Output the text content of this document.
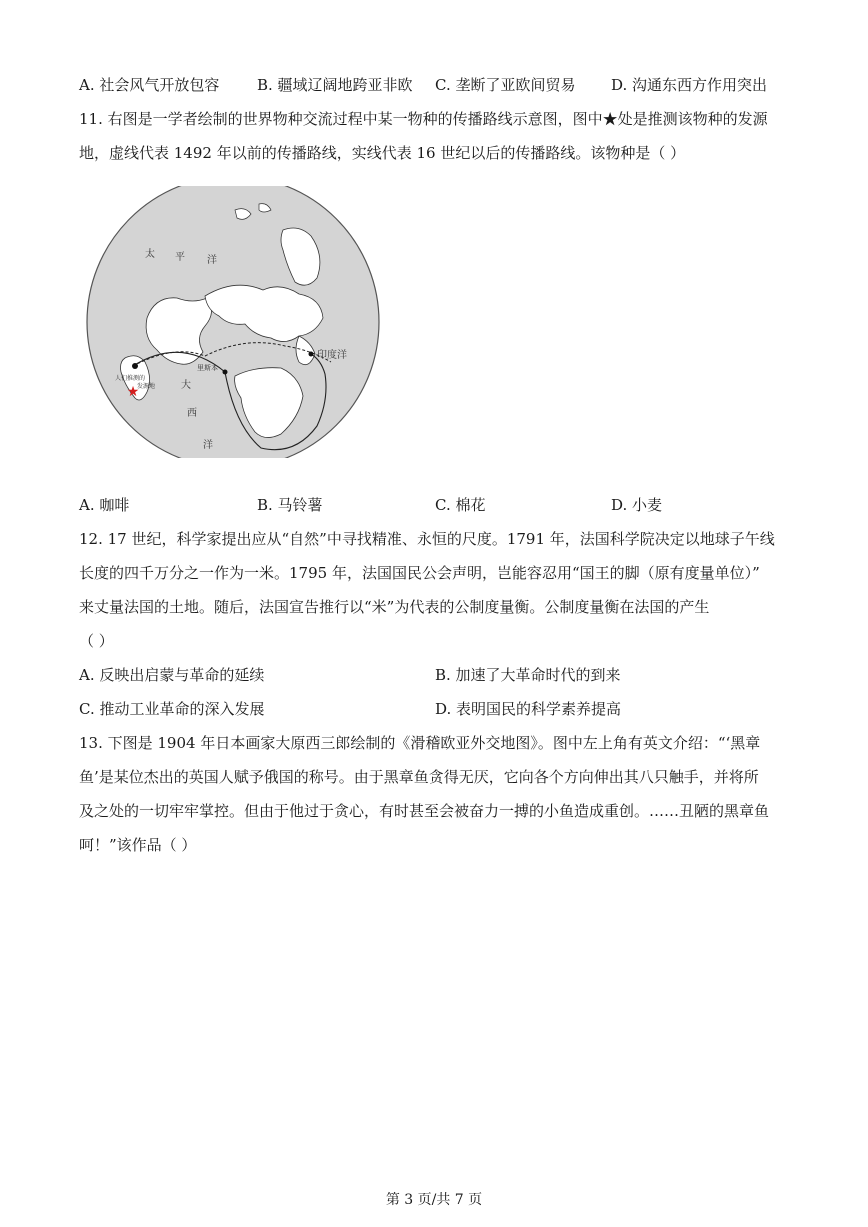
A. 社会风气开放包容	B. 疆域辽阔地跨亚非欧 C. 垄断了亚欧间贸易 D. 沟通东西方作用突出
11. 右图是一学者绘制的世界物种交流过程中某一物种的传播路线示意图，图中★处是推测该物种的发源
地，虚线代表 1492 年以前的传播路线，实线代表 16 世纪以后的传播路线。该物种是（ ）
★
太 平 洋
印度洋
大
西
洋
里斯本
人们推测的
发源地
A. 咖啡	B. 马铃薯	C. 棉花	D. 小麦
12. 17 世纪，科学家提出应从“自然”中寻找精准、永恒的尺度。1791 年，法国科学院决定以地球子午线
长度的四千万分之一作为一米。1795 年，法国国民公会声明，岂能容忍用“国王的脚（原有度量单位）”
来丈量法国的土地。随后，法国宣告推行以“米”为代表的公制度量衡。公制度量衡在法国的产生
（ ）
A. 反映出启蒙与革命的延续	B. 加速了大革命时代的到来
C. 推动工业革命的深入发展	D. 表明国民的科学素养提高
13. 下图是 1904 年日本画家大原西三郎绘制的《滑稽欧亚外交地图》。图中左上角有英文介绍：“‘黑章
鱼’是某位杰出的英国人赋予俄国的称号。由于黑章鱼贪得无厌，它向各个方向伸出其八只触手，并将所
及之处的一切牢牢掌控。但由于他过于贪心，有时甚至会被奋力一搏的小鱼造成重创。……丑陋的黑章鱼
呵！”该作品（ ）
第 3 页/共 7 页
